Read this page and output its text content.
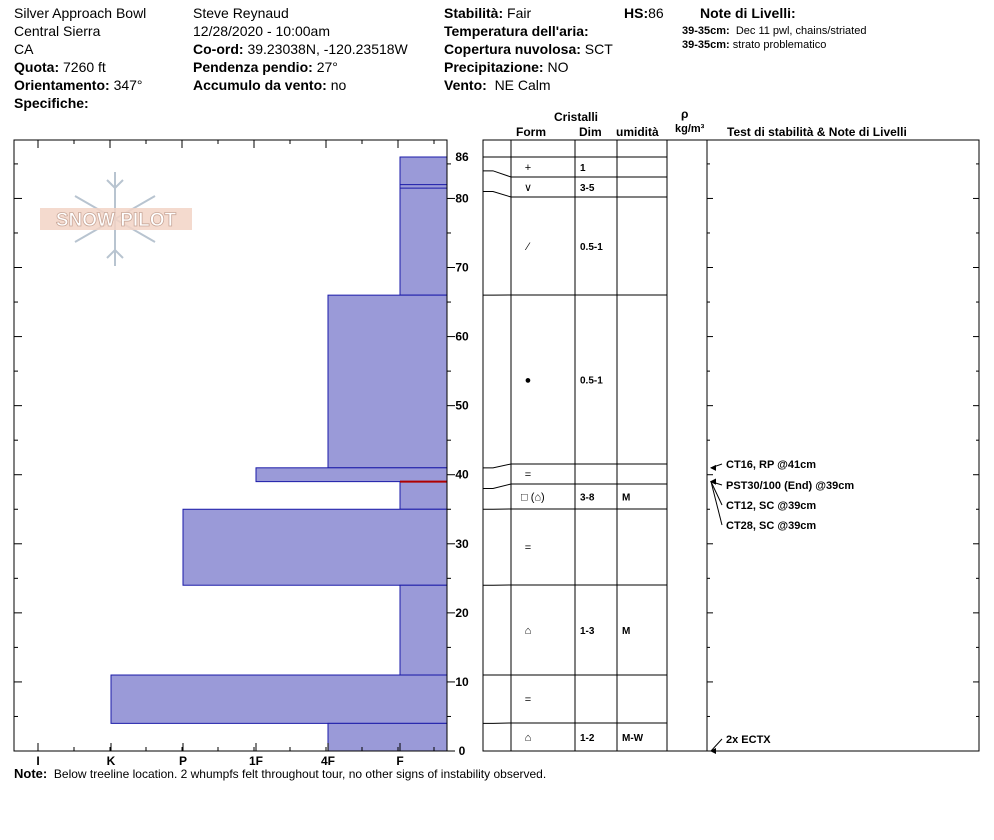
Silver Approach Bowl
Central Sierra
CA
Quota: 7260 ft
Orientamento: 347°
Specifiche:
Steve Reynaud
12/28/2020 - 10:00am
Co-ord: 39.23038N, -120.23518W
Pendenza pendio: 27°
Accumulo da vento: no
Stabilità: Fair	HS:86
Temperatura dell'aria:
Copertura nuvolosa: SCT
Precipitazione: NO
Vento: NE Calm
Note di Livelli:
39-35cm: Dec 11 pwl, chains/striated
39-35cm: strato problematico
Cristalli
Form	Dim umidità
ρ
kg/m³ Test di stabilità & Note di Livelli
SNOW PILOT
I	K	P	1F	4F	F
0
10
20
30
40
50
60
70
80
86
+	1
∨	3-5
⁄	0.5-1
●	0.5-1
=
□ (⌂)	3-8	M
=
⌂	1-3	M
=
⌂	1-2	M-W
CT16, RP @41cm
PST30/100 (End) @39cm
CT12, SC @39cm
CT28, SC @39cm
2x ECTX
Note: Below treeline location. 2 whumpfs felt throughout tour, no other signs of instability observed.
